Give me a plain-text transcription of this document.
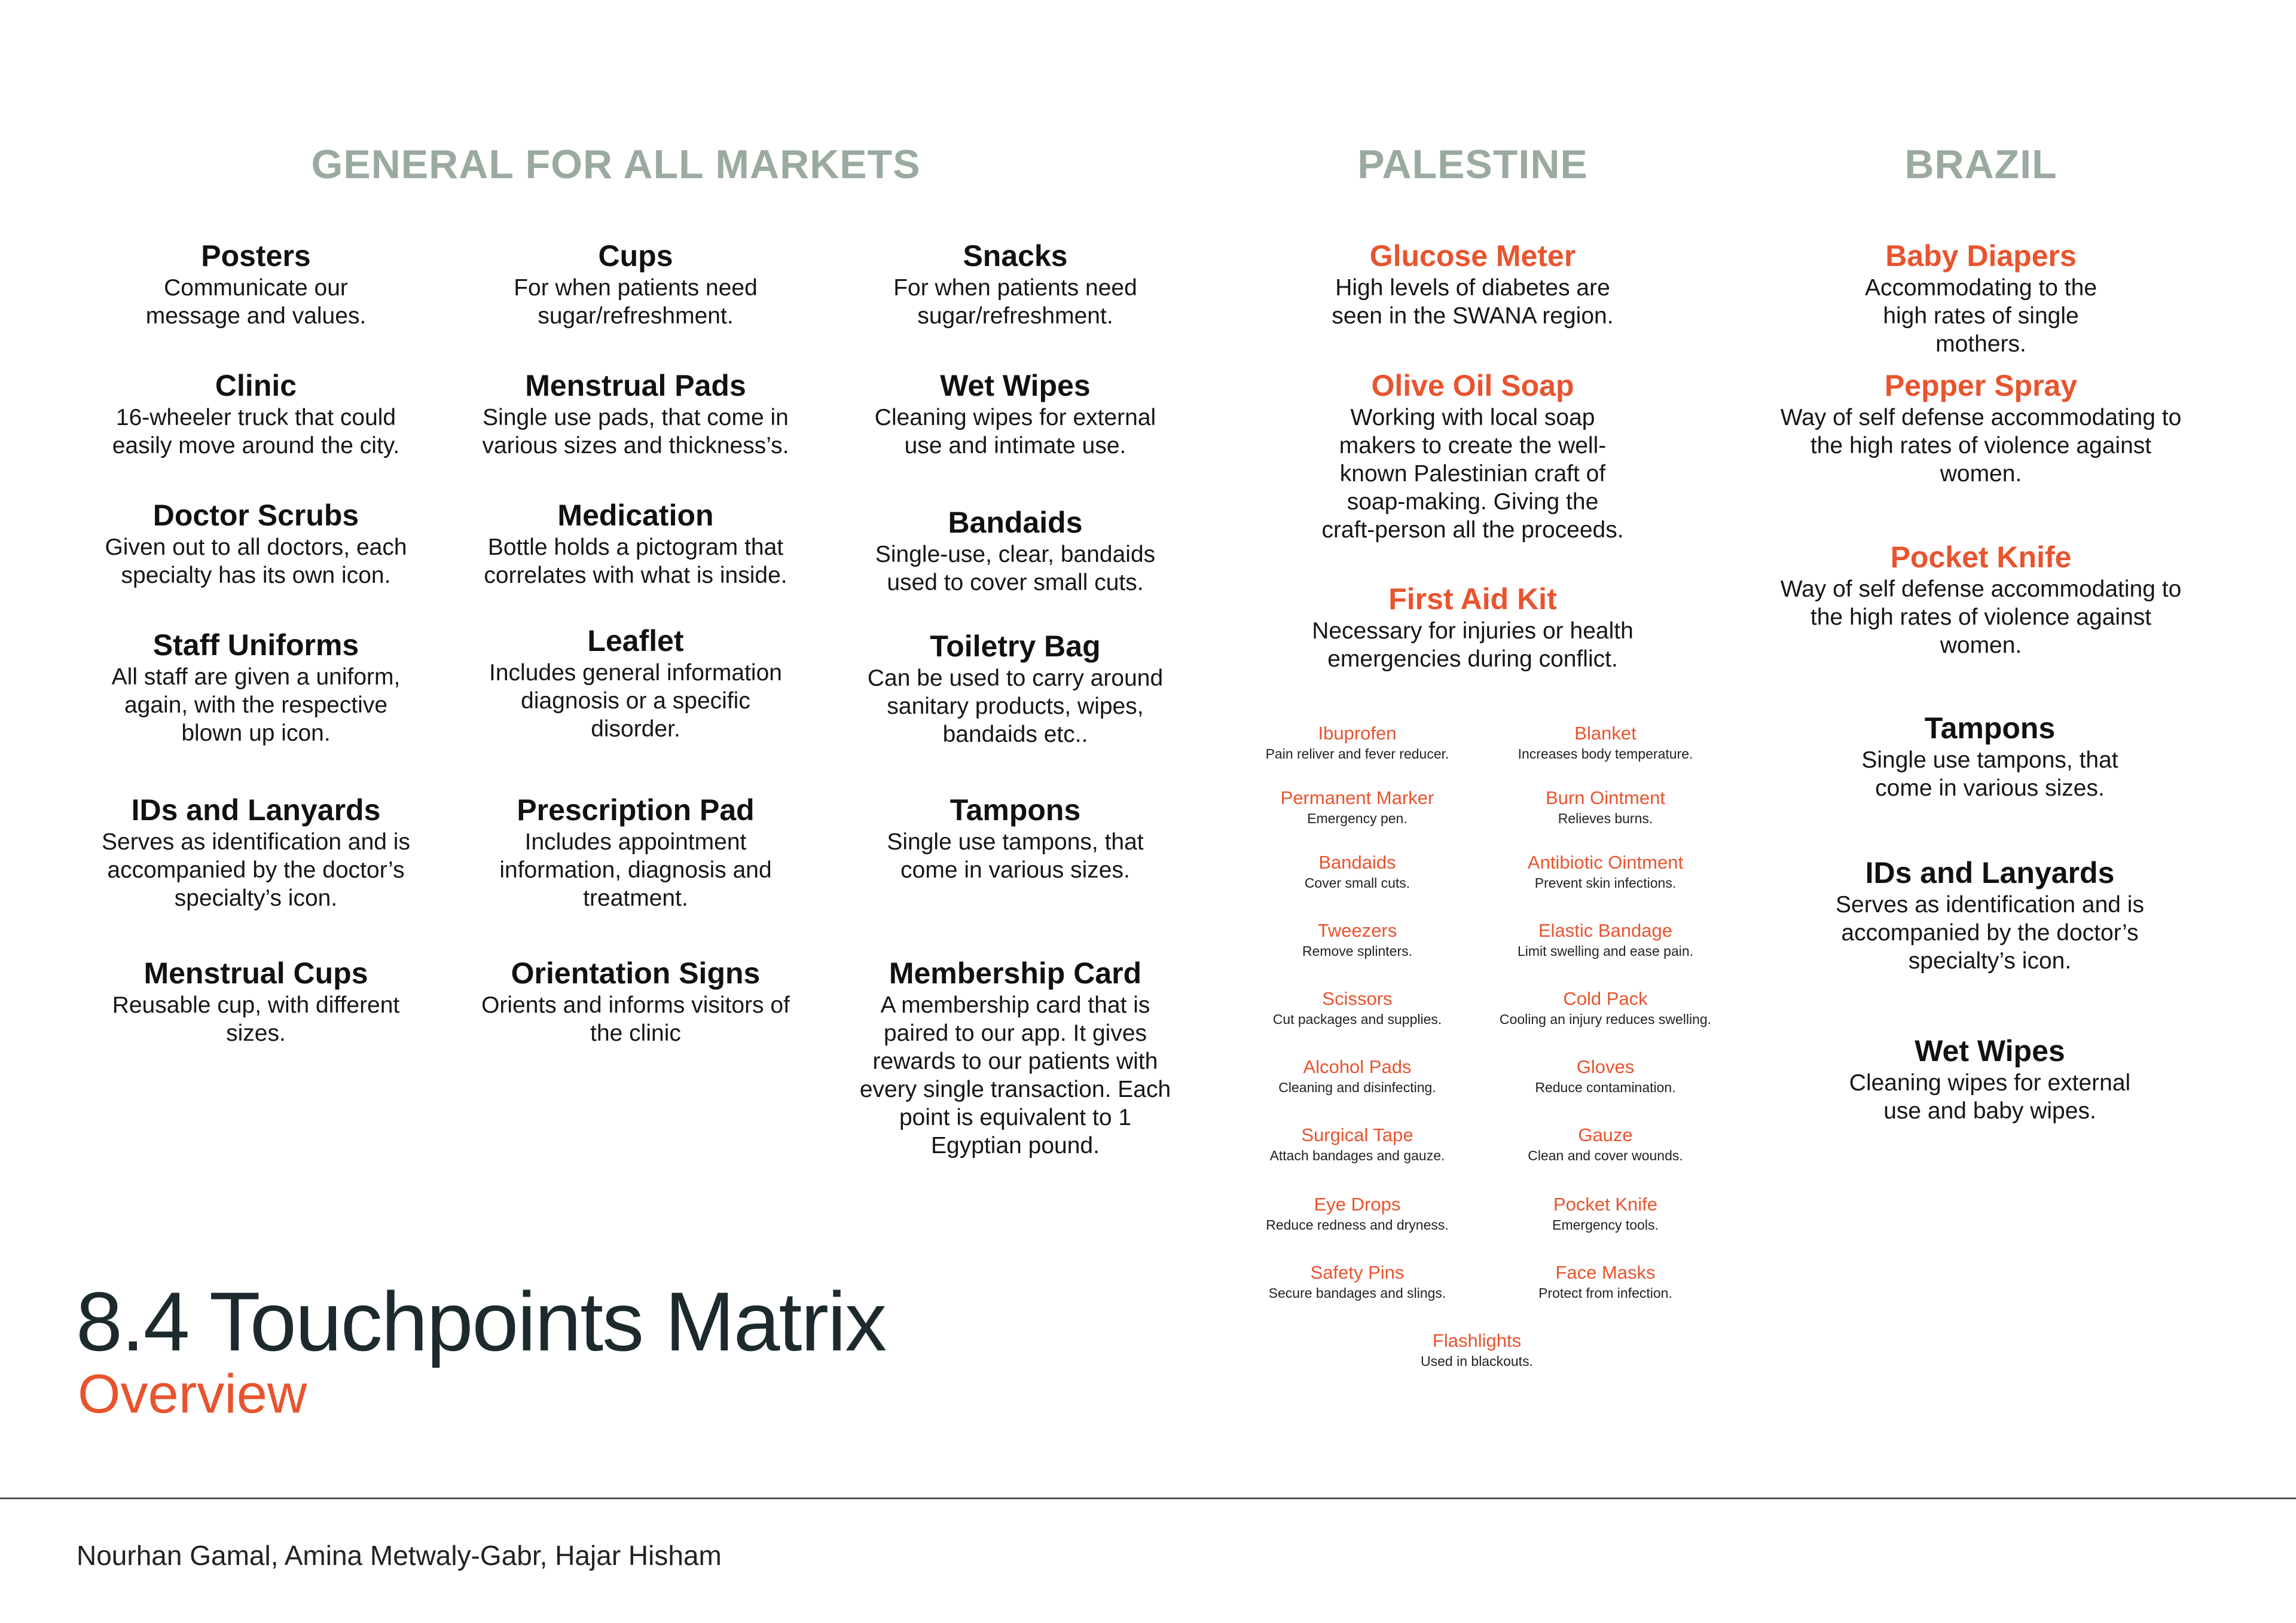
GENERAL FOR ALL MARKETS	PALESTINE	BRAZIL
Posters

Communicate our message and values.

Clinic

16-wheeler truck that could easily move around the city.

Doctor Scrubs

Given out to all doctors, each specialty has its own icon.

Staff Uniforms

All staff are given a uniform, again, with the respective blown up icon.

IDs and Lanyards

Serves as identification and is accompanied by the doctor’s specialty’s icon.

Menstrual Cups

Reusable cup, with different sizes.

Cups

For when patients need sugar/refreshment.

Menstrual Pads

Single use pads, that come in various sizes and thickness’s.

Medication

Bottle holds a pictogram that correlates with what is inside.

Leaflet

Includes general information diagnosis or a specific disorder.

Prescription Pad

Includes appointment information, diagnosis and treatment.

Orientation Signs

Orients and informs visitors of the clinic

Snacks

For when patients need sugar/refreshment.

Wet Wipes

Cleaning wipes for external use and intimate use.

Bandaids

Single-use, clear, bandaids used to cover small cuts.

Toiletry Bag

Can be used to carry around sanitary products, wipes, bandaids etc..

Tampons

Single use tampons, that come in various sizes.

Membership Card

A membership card that is paired to our app. It gives rewards to our patients with every single transaction. Each point is equivalent to 1 Egyptian pound.

Glucose Meter

High levels of diabetes are seen in the SWANA region.

Olive Oil Soap

Working with local soap makers to create the well-known Palestinian craft of soap-making. Giving the craft-person all the proceeds.

First Aid Kit

Necessary for injuries or health emergencies during conflict.

Ibuprofen

Pain reliver and fever reducer.

Permanent Marker

Emergency pen.

Bandaids

Cover small cuts.

Tweezers

Remove splinters.

Scissors

Cut packages and supplies.

Alcohol Pads

Cleaning and disinfecting.

Surgical Tape

Attach bandages and gauze.

Eye Drops

Reduce redness and dryness.

Safety Pins

Secure bandages and slings.

Blanket

Increases body temperature.

Burn Ointment

Relieves burns.

Antibiotic Ointment

Prevent skin infections.

Elastic Bandage

Limit swelling and ease pain.

Cold Pack

Cooling an injury reduces swelling.

Gloves

Reduce contamination.

Gauze

Clean and cover wounds.

Pocket Knife

Emergency tools.

Face Masks

Protect from infection.

Flashlights

Used in blackouts.

Baby Diapers

Accommodating to the high rates of single mothers.

Pepper Spray

Way of self defense accommodating to the high rates of violence against women.

Pocket Knife

Way of self defense accommodating to the high rates of violence against women.

Tampons

Single use tampons, that come in various sizes.

IDs and Lanyards

Serves as identification and is accompanied by the doctor’s specialty’s icon.

Wet Wipes

Cleaning wipes for external use and baby wipes.

8.4 Touchpoints Matrix
Overview

Nourhan Gamal, Amina Metwaly-Gabr, Hajar Hisham
